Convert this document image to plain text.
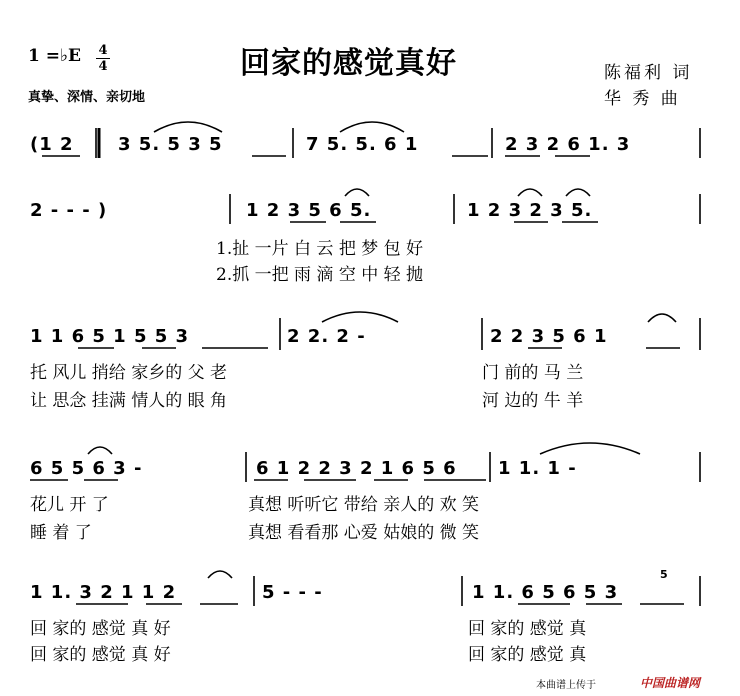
1 =♭E 4
4
真挚、深情、亲切地
回家的感觉真好	陈福利 词
华 秀 曲
(1 2 3 5. 5 3 5	7 5. 5. 6 1	2 3 2 6 1. 3
2 - - - )	1 2 3 5 6 5.	1 2 3 2 3 5.
1.扯 一片 白 云 把 梦 包 好
2.抓 一把 雨 滴 空 中 轻 抛
1 1 6 5 1 5 5 3	2 2. 2 -	2 2 3 5 6 1
托 风儿 捎给 家乡的 父 老	门 前的 马 兰
让 思念 挂满 情人的 眼 角	河 边的 牛 羊
6 5 5 6 3 -	6 1 2 2 3 2 1 6 5 6 1 1. 1 -
花儿 开 了	真想 听听它 带给 亲人的 欢 笑
睡 着 了	真想 看看那 心爱 姑娘的 微 笑
1 1. 3 2 1 1 2	5 - - -	1 1. 6 5 6 5 3
5
回 家的 感觉 真 好	回 家的 感觉 真
回 家的 感觉 真 好	回 家的 感觉 真
本曲谱上传于	中国曲谱网
